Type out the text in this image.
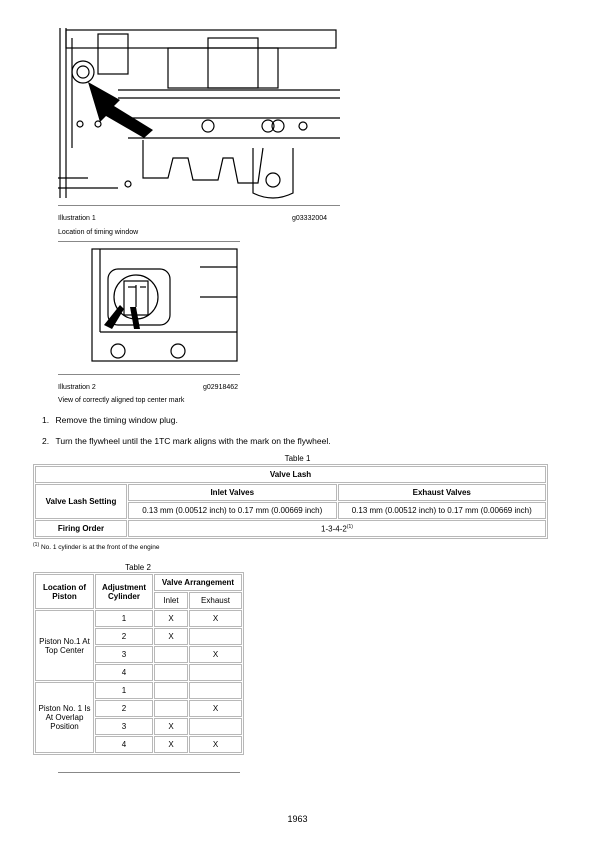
Illustration 1	g03332004
Location of timing window
Illustration 2	g02918462
View of correctly aligned top center mark
1. Remove the timing window plug.
2. Turn the flywheel until the 1TC mark aligns with the mark on the flywheel.
Table 1
Valve Lash		
Valve Lash Setting	Inlet Valves	Exhaust Valves
	0.13 mm (0.00512 inch) to 0.17 mm (0.00669 inch)	0.13 mm (0.00512 inch) to 0.17 mm (0.00669 inch)
Firing Order	1-3-4-2$^{(1)}$
$^{(1)}$ No. 1 cylinder is at the front of the engine
Table 2
Location of Piston	Adjustment Cylinder	Valve Arrangement	
		Inlet	Exhaust
Piston No.1 At Top Center	1	X	X
	2	X	
	3		X
	4		
Piston No. 1 Is At Overlap Position	1		
	2		X
	3	X	
	4	X	X
1963
